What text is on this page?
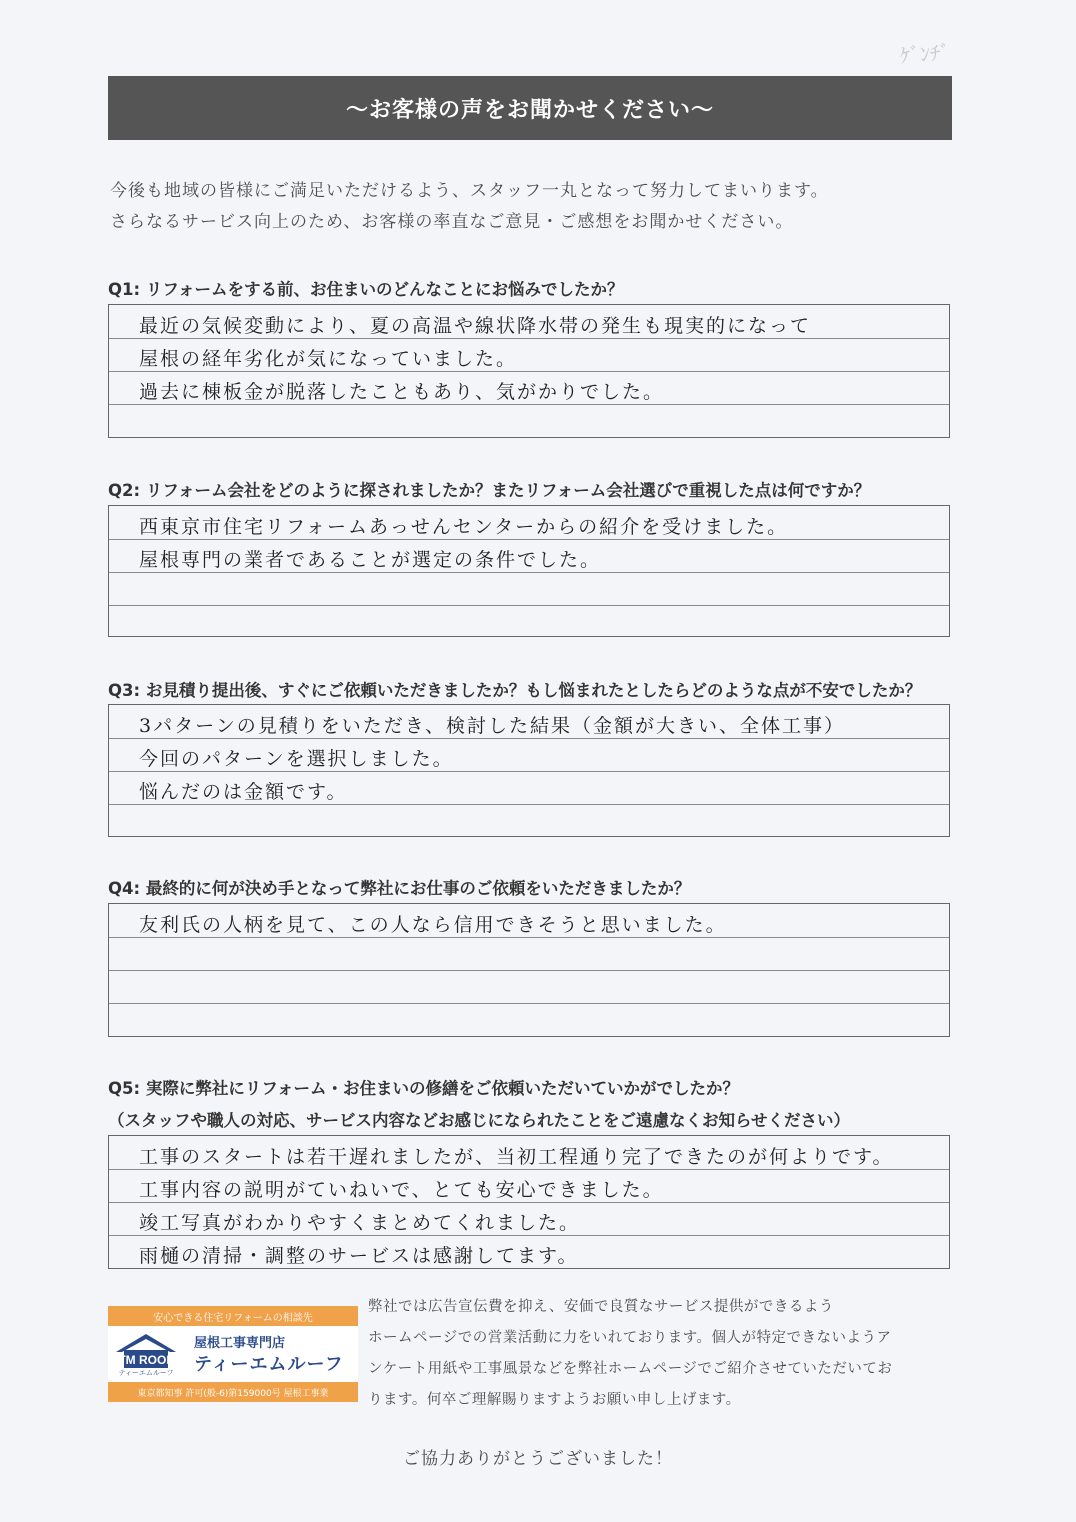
ｹﾞﾝﾁﾞ
～お客様の声をお聞かせください～
今後も地域の皆様にご満足いただけるよう、スタッフ一丸となって努力してまいります。
さらなるサービス向上のため、お客様の率直なご意見・ご感想をお聞かせください。
Q1: リフォームをする前、お住まいのどんなことにお悩みでしたか？
最近の気候変動により、夏の高温や線状降水帯の発生も現実的になって
屋根の経年劣化が気になっていました。
過去に棟板金が脱落したこともあり、気がかりでした。
Q2: リフォーム会社をどのように探されましたか？またリフォーム会社選びで重視した点は何ですか？
西東京市住宅リフォームあっせんセンターからの紹介を受けました。
屋根専門の業者であることが選定の条件でした。
Q3: お見積り提出後、すぐにご依頼いただきましたか？もし悩まれたとしたらどのような点が不安でしたか？
3パターンの見積りをいただき、検討した結果（金額が大きい、全体工事）
今回のパターンを選択しました。
悩んだのは金額です。
Q4: 最終的に何が決め手となって弊社にお仕事のご依頼をいただきましたか？
友利氏の人柄を見て、この人なら信用できそうと思いました。
Q5: 実際に弊社にリフォーム・お住まいの修繕をご依頼いただいていかがでしたか？
（スタッフや職人の対応、サービス内容などお感じになられたことをご遠慮なくお知らせください）
工事のスタートは若干遅れましたが、当初工程通り完了できたのが何よりです。
工事内容の説明がていねいで、とても安心できました。
竣工写真がわかりやすくまとめてくれました。
雨樋の清掃・調整のサービスは感謝してます。
安心できる住宅リフォームの相談先
TM ROOF
ティーエムルーフ
屋根工事専門店
ティーエムルーフ
東京都知事 許可(般-6)第159000号 屋根工事業
弊社では広告宣伝費を抑え、安価で良質なサービス提供ができるよう
ホームページでの営業活動に力をいれております。個人が特定できないようア
ンケート用紙や工事風景などを弊社ホームページでご紹介させていただいてお
ります。何卒ご理解賜りますようお願い申し上げます。
ご協力ありがとうございました！
